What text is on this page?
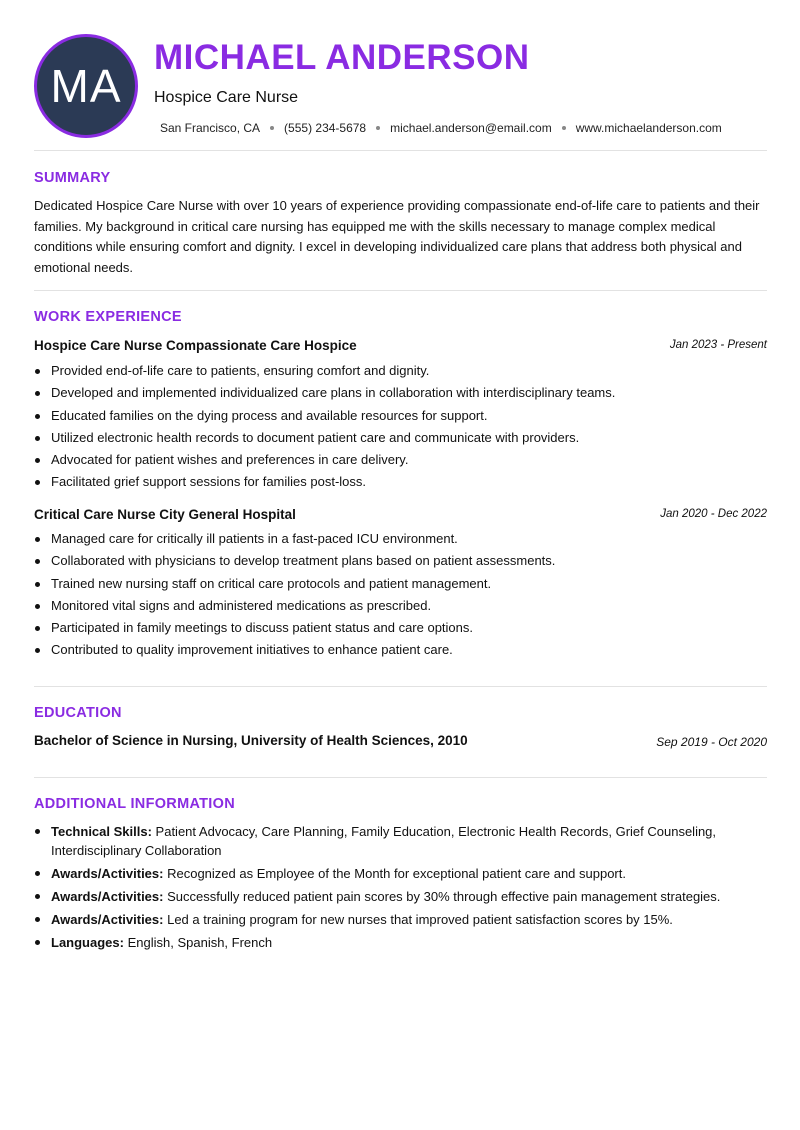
MA
MICHAEL ANDERSON
Hospice Care Nurse
San Francisco, CA (555) 234-5678 michael.anderson@email.com www.michaelanderson.com
SUMMARY

Dedicated Hospice Care Nurse with over 10 years of experience providing compassionate end-of-life care to patients and their families. My background in critical care nursing has equipped me with the skills necessary to manage complex medical conditions while ensuring comfort and dignity. I excel in developing individualized care plans that address both physical and emotional needs.

WORK EXPERIENCE
Hospice Care Nurse Compassionate Care Hospice	Jan 2023 - Present
Provided end-of-life care to patients, ensuring comfort and dignity.
Developed and implemented individualized care plans in collaboration with interdisciplinary teams.
Educated families on the dying process and available resources for support.
Utilized electronic health records to document patient care and communicate with providers.
Advocated for patient wishes and preferences in care delivery.
Facilitated grief support sessions for families post-loss.
Critical Care Nurse City General Hospital	Jan 2020 - Dec 2022
Managed care for critically ill patients in a fast-paced ICU environment.
Collaborated with physicians to develop treatment plans based on patient assessments.
Trained new nursing staff on critical care protocols and patient management.
Monitored vital signs and administered medications as prescribed.
Participated in family meetings to discuss patient status and care options.
Contributed to quality improvement initiatives to enhance patient care.
EDUCATION
Bachelor of Science in Nursing, University of Health Sciences, 2010	Sep 2019 - Oct 2020
ADDITIONAL INFORMATION
Technical Skills: Patient Advocacy, Care Planning, Family Education, Electronic Health Records, Grief Counseling, Interdisciplinary Collaboration
Awards/Activities: Recognized as Employee of the Month for exceptional patient care and support.
Awards/Activities: Successfully reduced patient pain scores by 30% through effective pain management strategies.
Awards/Activities: Led a training program for new nurses that improved patient satisfaction scores by 15%.
Languages: English, Spanish, French
